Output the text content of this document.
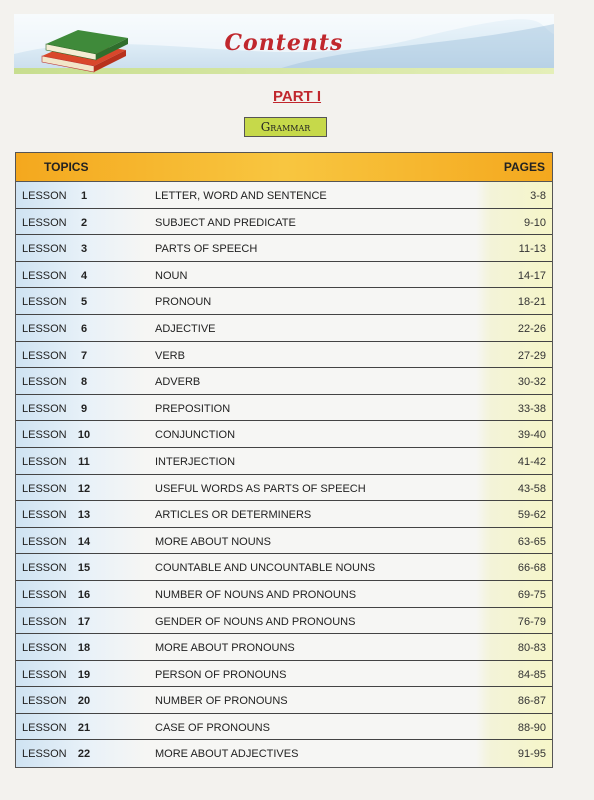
Contents
PART I
Grammar
TOPICS	PAGES
LESSON	1	LETTER, WORD AND SENTENCE	3-8
LESSON	2	SUBJECT AND PREDICATE	9-10
LESSON	3	PARTS OF SPEECH	11-13
LESSON	4	NOUN	14-17
LESSON	5	PRONOUN	18-21
LESSON	6	ADJECTIVE	22-26
LESSON	7	VERB	27-29
LESSON	8	ADVERB	30-32
LESSON	9	PREPOSITION	33-38
LESSON	10	CONJUNCTION	39-40
LESSON	11	INTERJECTION	41-42
LESSON	12	USEFUL WORDS AS PARTS OF SPEECH	43-58
LESSON	13	ARTICLES OR DETERMINERS	59-62
LESSON	14	MORE ABOUT NOUNS	63-65
LESSON	15	COUNTABLE AND UNCOUNTABLE NOUNS	66-68
LESSON	16	NUMBER OF NOUNS AND PRONOUNS	69-75
LESSON	17	GENDER OF NOUNS AND PRONOUNS	76-79
LESSON	18	MORE ABOUT PRONOUNS	80-83
LESSON	19	PERSON OF PRONOUNS	84-85
LESSON	20	NUMBER OF PRONOUNS	86-87
LESSON	21	CASE OF PRONOUNS	88-90
LESSON	22	MORE ABOUT ADJECTIVES	91-95
